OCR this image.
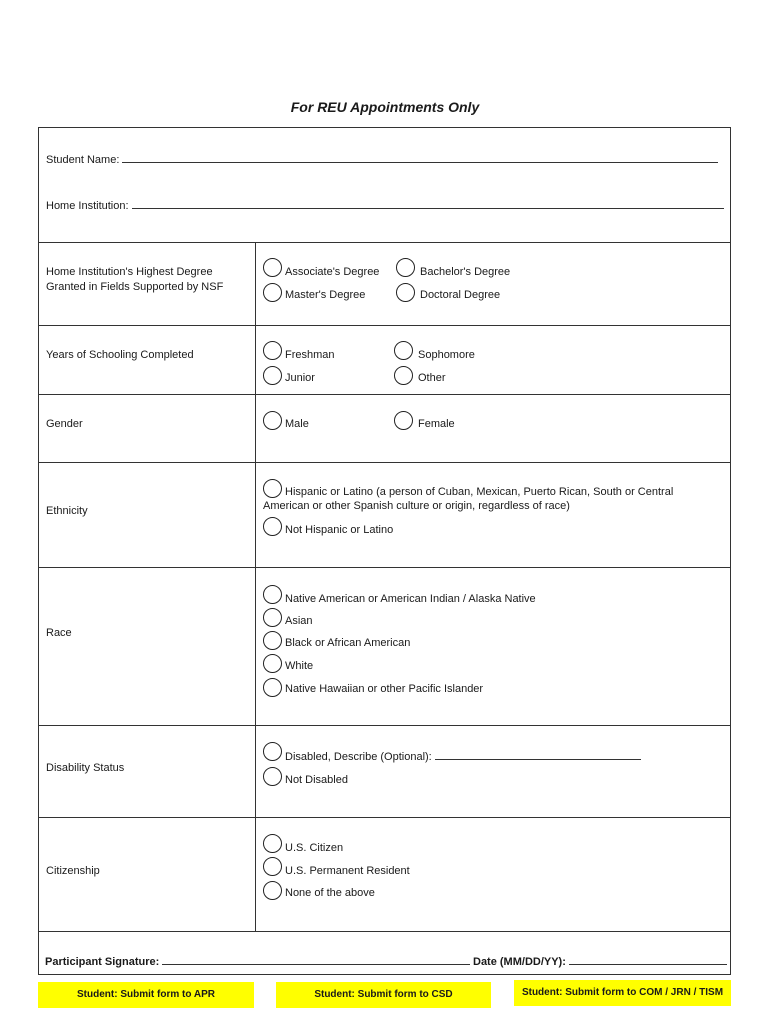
For REU Appointments Only
Student Name:
Home Institution:
Home Institution's Highest Degree Granted in Fields Supported by NSF
Associate's Degree	Bachelor's Degree
Master's Degree	Doctoral Degree
Years of Schooling Completed	Freshman	Sophomore
Junior	Other
Gender	Male	Female
Ethnicity
Hispanic or Latino (a person of Cuban, Mexican, Puerto Rican, South or Central American or other Spanish culture or origin, regardless of race)
Not Hispanic or Latino
Race
Native American or American Indian / Alaska Native
Asian
Black or African American
White
Native Hawaiian or other Pacific Islander
Disability Status
Disabled, Describe (Optional):
Not Disabled
Citizenship
U.S. Citizen
U.S. Permanent Resident
None of the above
Participant Signature:	Date (MM/DD/YY):
Student: Submit form to APR	Student: Submit form to CSD	Student: Submit form to COM / JRN / TISM
